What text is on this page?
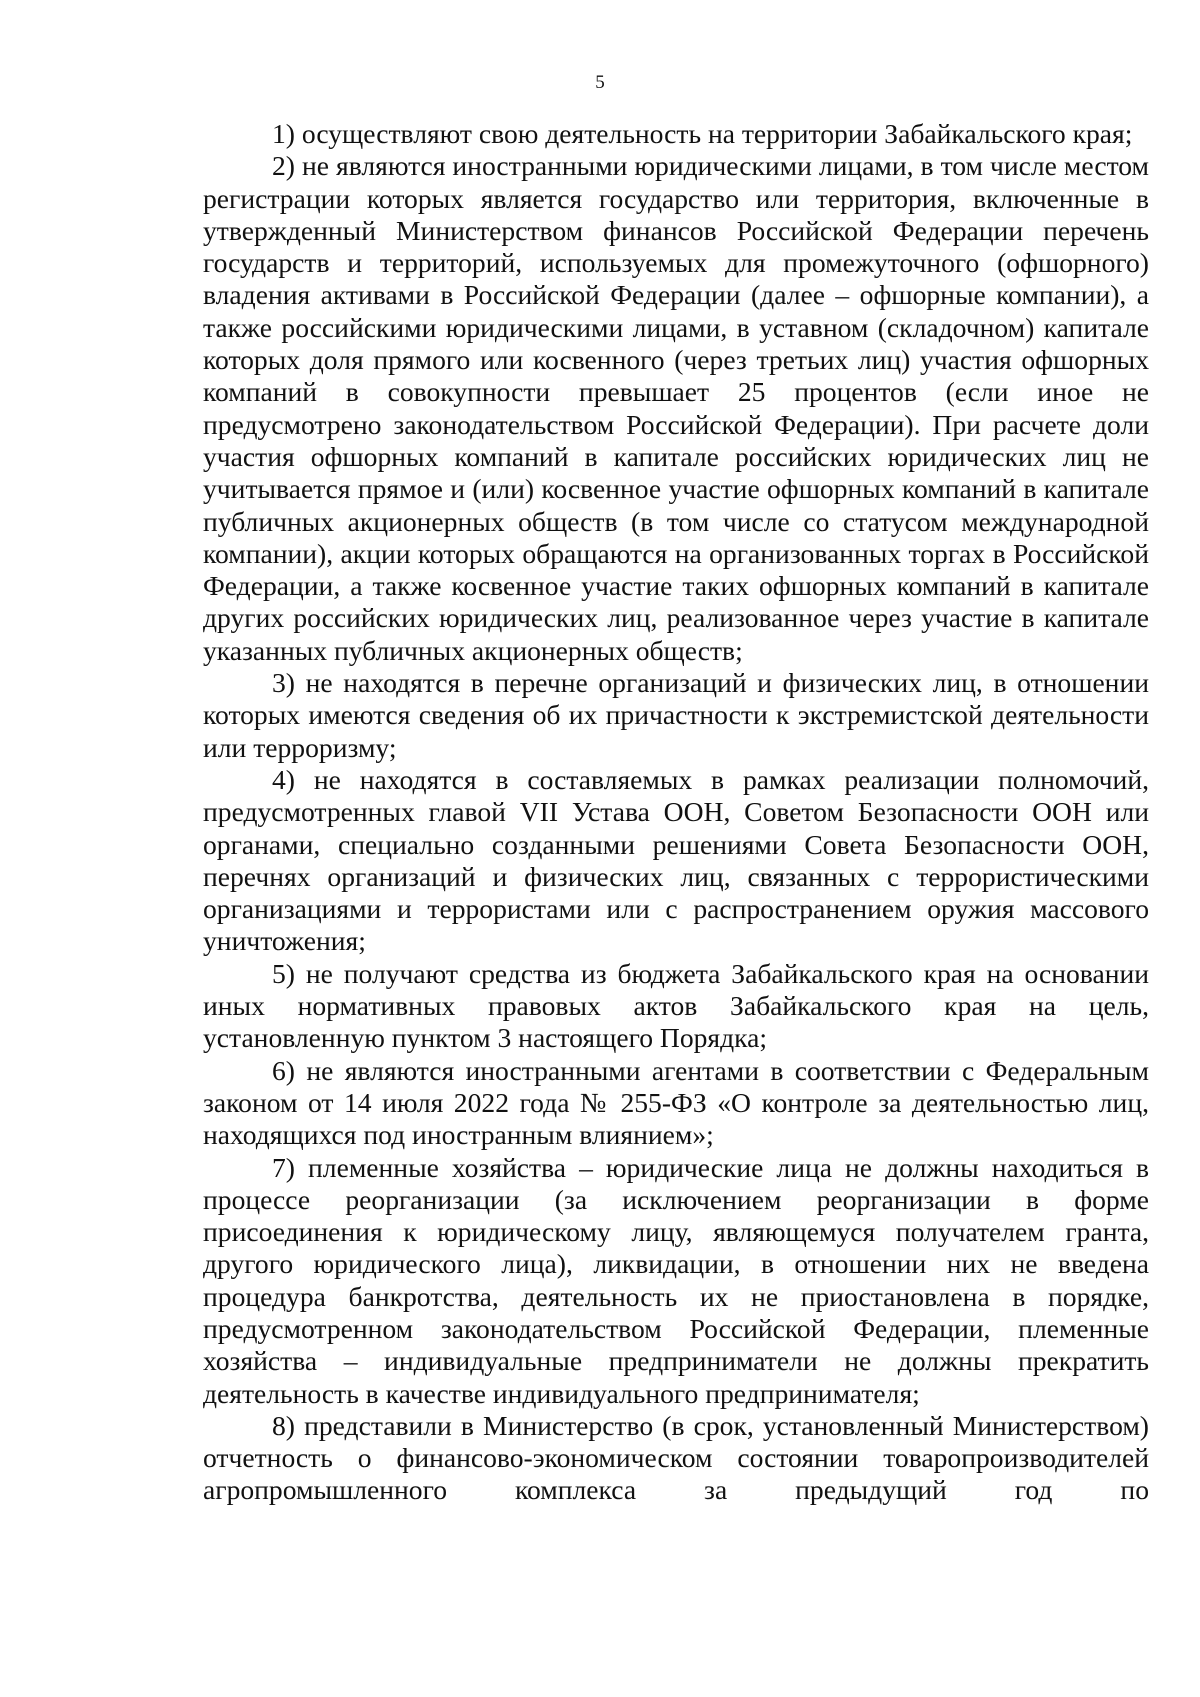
5

1) осуществляют свою деятельность на территории Забайкальского края;

2) не являются иностранными юридическими лицами, в том числе местом регистрации которых является государство или территория, включенные в утвержденный Министерством финансов Российской Федерации перечень государств и территорий, используемых для промежуточного (офшорного) владения активами в Российской Федерации (далее – офшорные компании), а также российскими юридическими лицами, в уставном (складочном) капитале которых доля прямого или косвенного (через третьих лиц) участия офшорных компаний в совокупности превышает 25 процентов (если иное не предусмотрено законодательством Российской Федерации). При расчете доли участия офшорных компаний в капитале российских юридических лиц не учитывается прямое и (или) косвенное участие офшорных компаний в капитале публичных акционерных обществ (в том числе со статусом международной компании), акции которых обращаются на организованных торгах в Российской Федерации, а также косвенное участие таких офшорных компаний в капитале других российских юридических лиц, реализованное через участие в капитале указанных публичных акционерных обществ;

3) не находятся в перечне организаций и физических лиц, в отношении которых имеются сведения об их причастности к экстремистской деятельности или терроризму;

4) не находятся в составляемых в рамках реализации полномочий, предусмотренных главой VII Устава ООН, Советом Безопасности ООН или органами, специально созданными решениями Совета Безопасности ООН, перечнях организаций и физических лиц, связанных с террористическими организациями и террористами или с распространением оружия массового уничтожения;

5) не получают средства из бюджета Забайкальского края на основании иных нормативных правовых актов Забайкальского края на цель, установленную пунктом 3 настоящего Порядка;

6) не являются иностранными агентами в соответствии с Федеральным законом от 14 июля 2022 года № 255-ФЗ «О контроле за деятельностью лиц, находящихся под иностранным влиянием»;

7) племенные хозяйства – юридические лица не должны находиться в процессе реорганизации (за исключением реорганизации в форме присоединения к юридическому лицу, являющемуся получателем гранта, другого юридического лица), ликвидации, в отношении них не введена процедура банкротства, деятельность их не приостановлена в порядке, предусмотренном законодательством Российской Федерации, племенные хозяйства – индивидуальные предприниматели не должны прекратить деятельность в качестве индивидуального предпринимателя;

8) представили в Министерство (в срок, установленный Министерством) отчетность о финансово-экономическом состоянии товаропроизводителей агропромышленного комплекса за предыдущий год по
